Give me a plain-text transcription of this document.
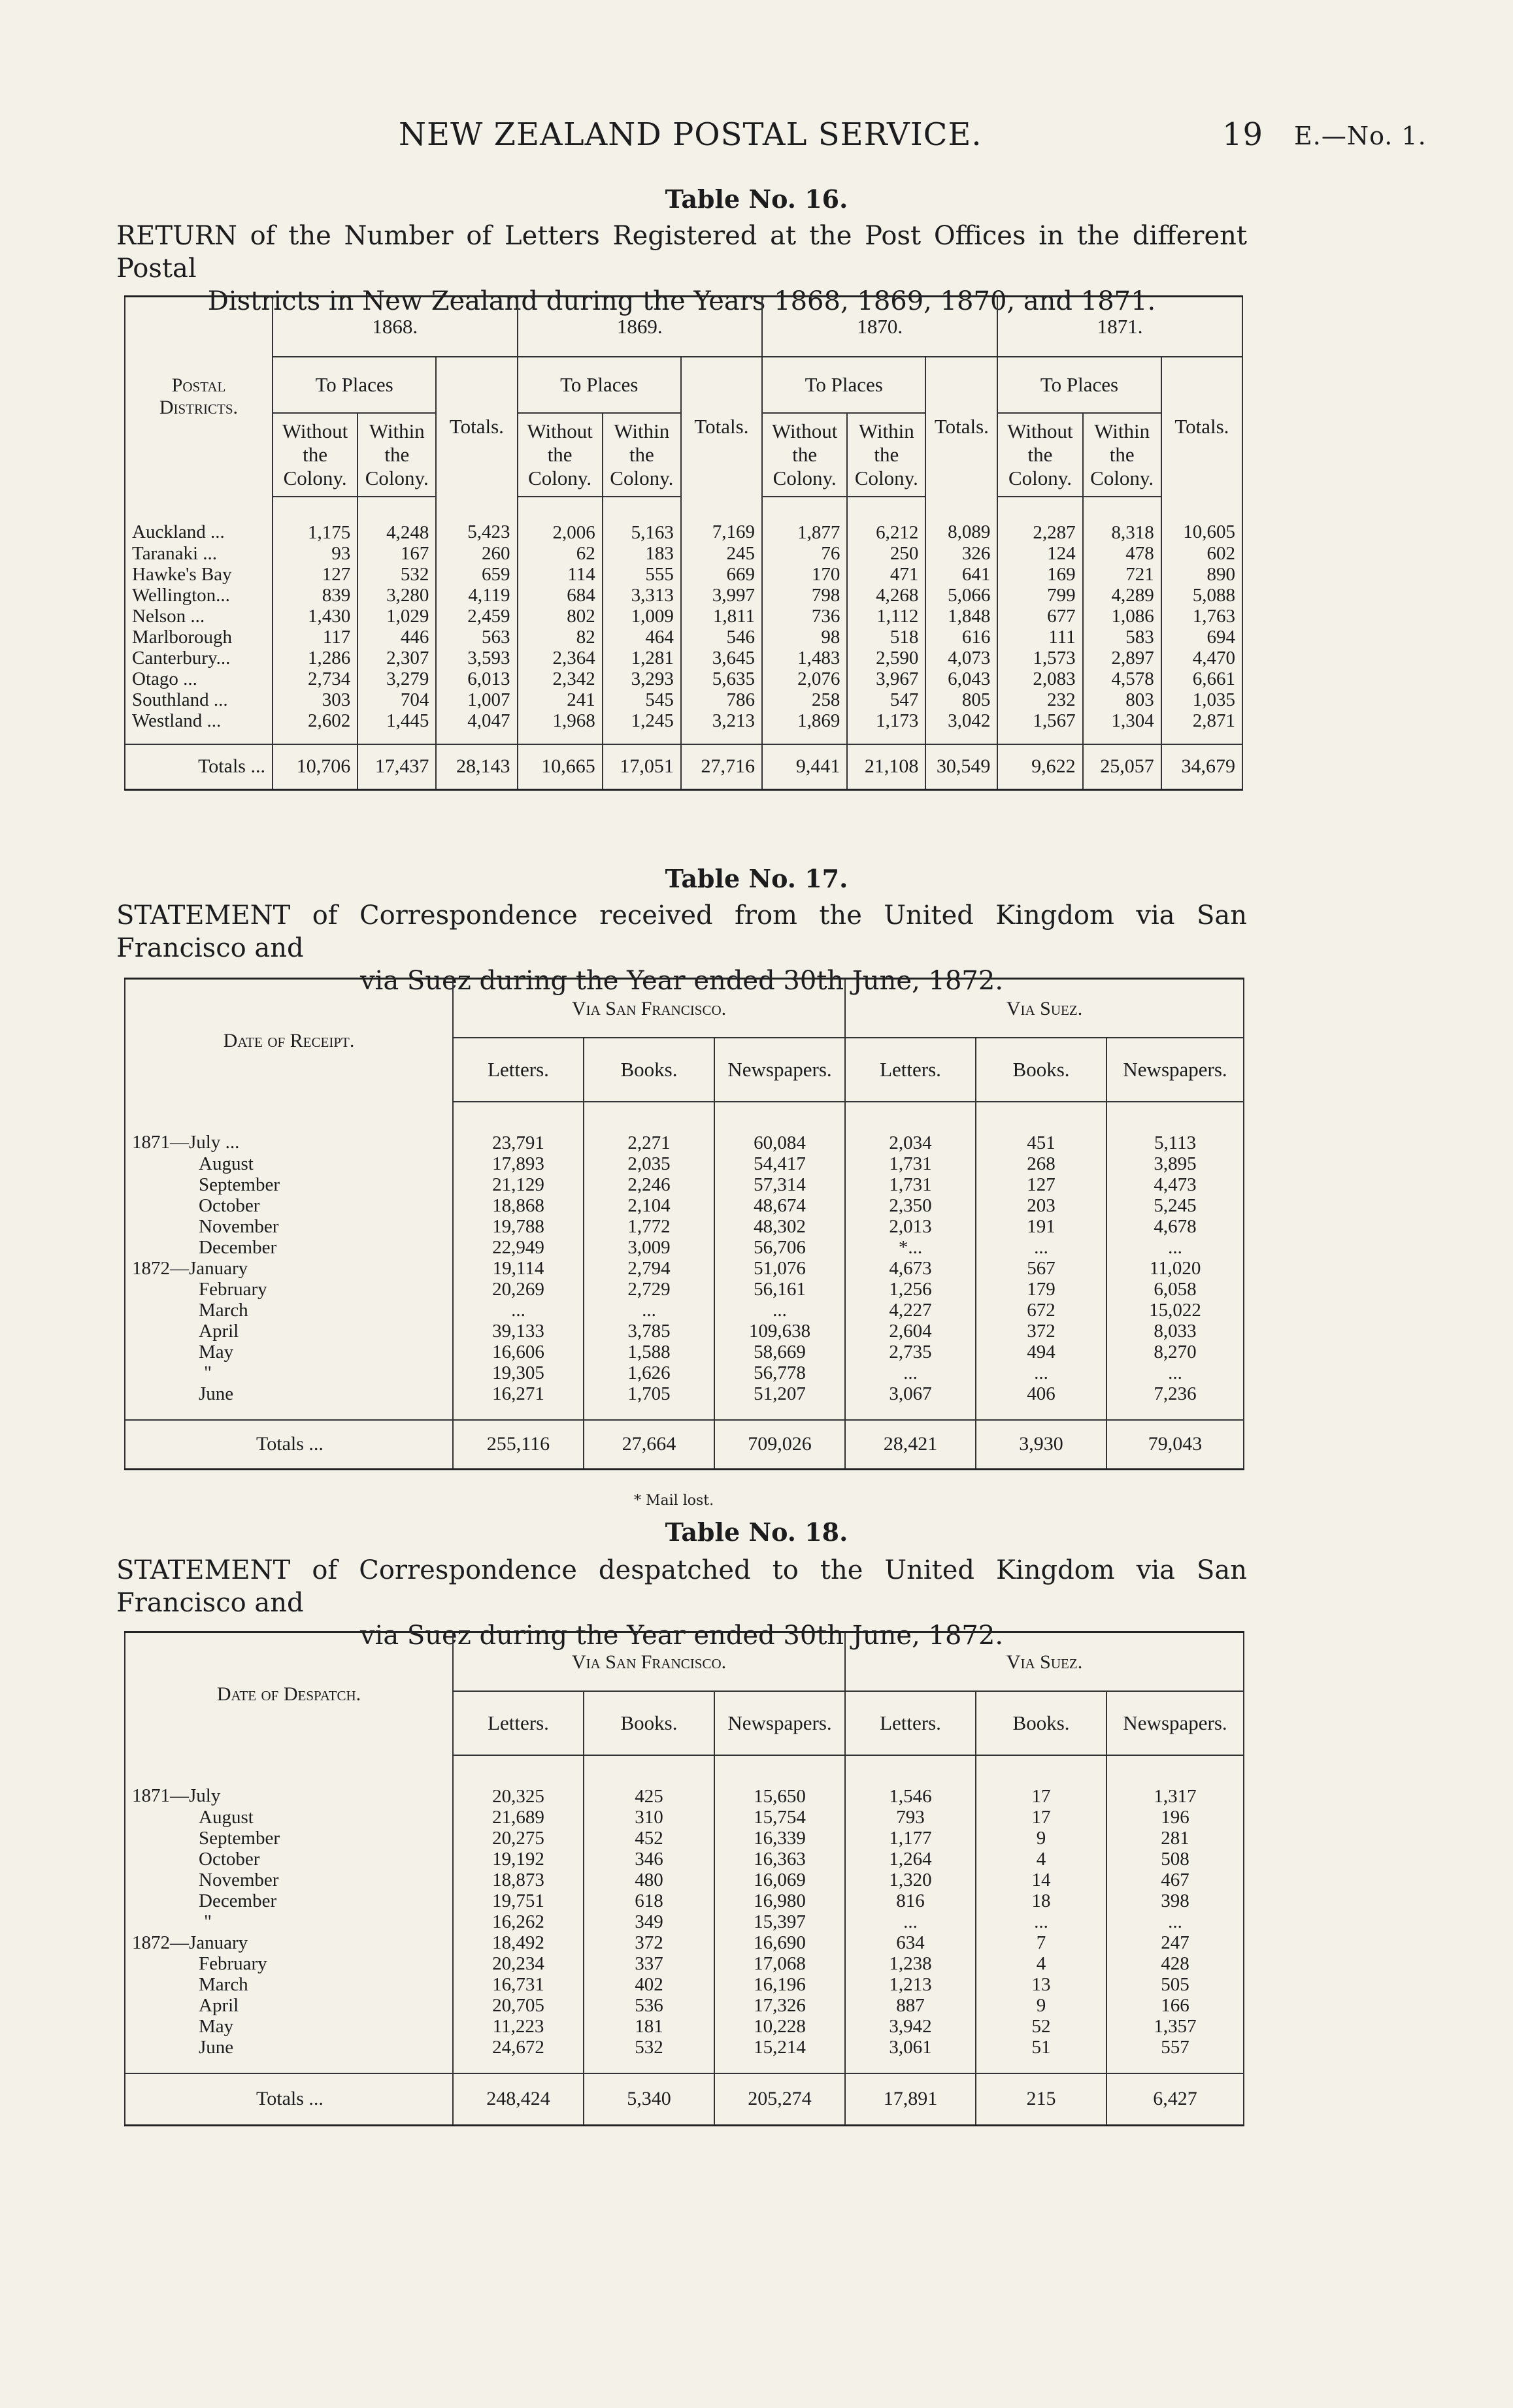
NEW ZEALAND POSTAL SERVICE.	19 E.—No. 1.
Table No. 16.
RETURN of the Number of Letters Registered at the Post Offices in the different Postal
Districts in New Zealand during the Years 1868, 1869, 1870, and 1871.
Postal Districts.	1868.			1869.			1870.			1871.		
	To Places		Totals.	To Places		Totals.	To Places		Totals.	To Places		Totals.
	Without the Colony.	Within the Colony.		Without the Colony.	Within the Colony.		Without the Colony.	Within the Colony.		Without the Colony.	Within the Colony.	
Auckland ...	1,175	4,248	5,423	2,006	5,163	7,169	1,877	6,212	8,089	2,287	8,318	10,605
Taranaki ...	93	167	260	62	183	245	76	250	326	124	478	602
Hawke's Bay	127	532	659	114	555	669	170	471	641	169	721	890
Wellington...	839	3,280	4,119	684	3,313	3,997	798	4,268	5,066	799	4,289	5,088
Nelson ...	1,430	1,029	2,459	802	1,009	1,811	736	1,112	1,848	677	1,086	1,763
Marlborough	117	446	563	82	464	546	98	518	616	111	583	694
Canterbury...	1,286	2,307	3,593	2,364	1,281	3,645	1,483	2,590	4,073	1,573	2,897	4,470
Otago ...	2,734	3,279	6,013	2,342	3,293	5,635	2,076	3,967	6,043	2,083	4,578	6,661
Southland ...	303	704	1,007	241	545	786	258	547	805	232	803	1,035
Westland ...	2,602	1,445	4,047	1,968	1,245	3,213	1,869	1,173	3,042	1,567	1,304	2,871

Totals ...	10,706	17,437	28,143	10,665	17,051	27,716	9,441	21,108	30,549	9,622	25,057	34,679
Table No. 17.
STATEMENT of Correspondence received from the United Kingdom via San Francisco and
via Suez during the Year ended 30th June, 1872.
Date of Receipt.	Via San Francisco.			Via Suez.		
	Letters.	Books.	Newspapers.	Letters.	Books.	Newspapers.
1871—July ...	23,791	2,271	60,084	2,034	451	5,113
August	17,893	2,035	54,417	1,731	268	3,895
September	21,129	2,246	57,314	1,731	127	4,473
October	18,868	2,104	48,674	2,350	203	5,245
November	19,788	1,772	48,302	2,013	191	4,678
December	22,949	3,009	56,706	*...	...	...
1872—January	19,114	2,794	51,076	4,673	567	11,020
February	20,269	2,729	56,161	1,256	179	6,058
March	...	...	...	4,227	672	15,022
April	39,133	3,785	109,638	2,604	372	8,033
May	16,606	1,588	58,669	2,735	494	8,270
"	19,305	1,626	56,778	...	...	...
June	16,271	1,705	51,207	3,067	406	7,236

Totals ...	255,116	27,664	709,026	28,421	3,930	79,043
* Mail lost.
Table No. 18.
STATEMENT of Correspondence despatched to the United Kingdom via San Francisco and
via Suez during the Year ended 30th June, 1872.
Date of Despatch.	Via San Francisco.			Via Suez.		
	Letters.	Books.	Newspapers.	Letters.	Books.	Newspapers.
1871—July	20,325	425	15,650	1,546	17	1,317
August	21,689	310	15,754	793	17	196
September	20,275	452	16,339	1,177	9	281
October	19,192	346	16,363	1,264	4	508
November	18,873	480	16,069	1,320	14	467
December	19,751	618	16,980	816	18	398
"	16,262	349	15,397	...	...	...
1872—January	18,492	372	16,690	634	7	247
February	20,234	337	17,068	1,238	4	428
March	16,731	402	16,196	1,213	13	505
April	20,705	536	17,326	887	9	166
May	11,223	181	10,228	3,942	52	1,357
June	24,672	532	15,214	3,061	51	557

Totals ...	248,424	5,340	205,274	17,891	215	6,427
